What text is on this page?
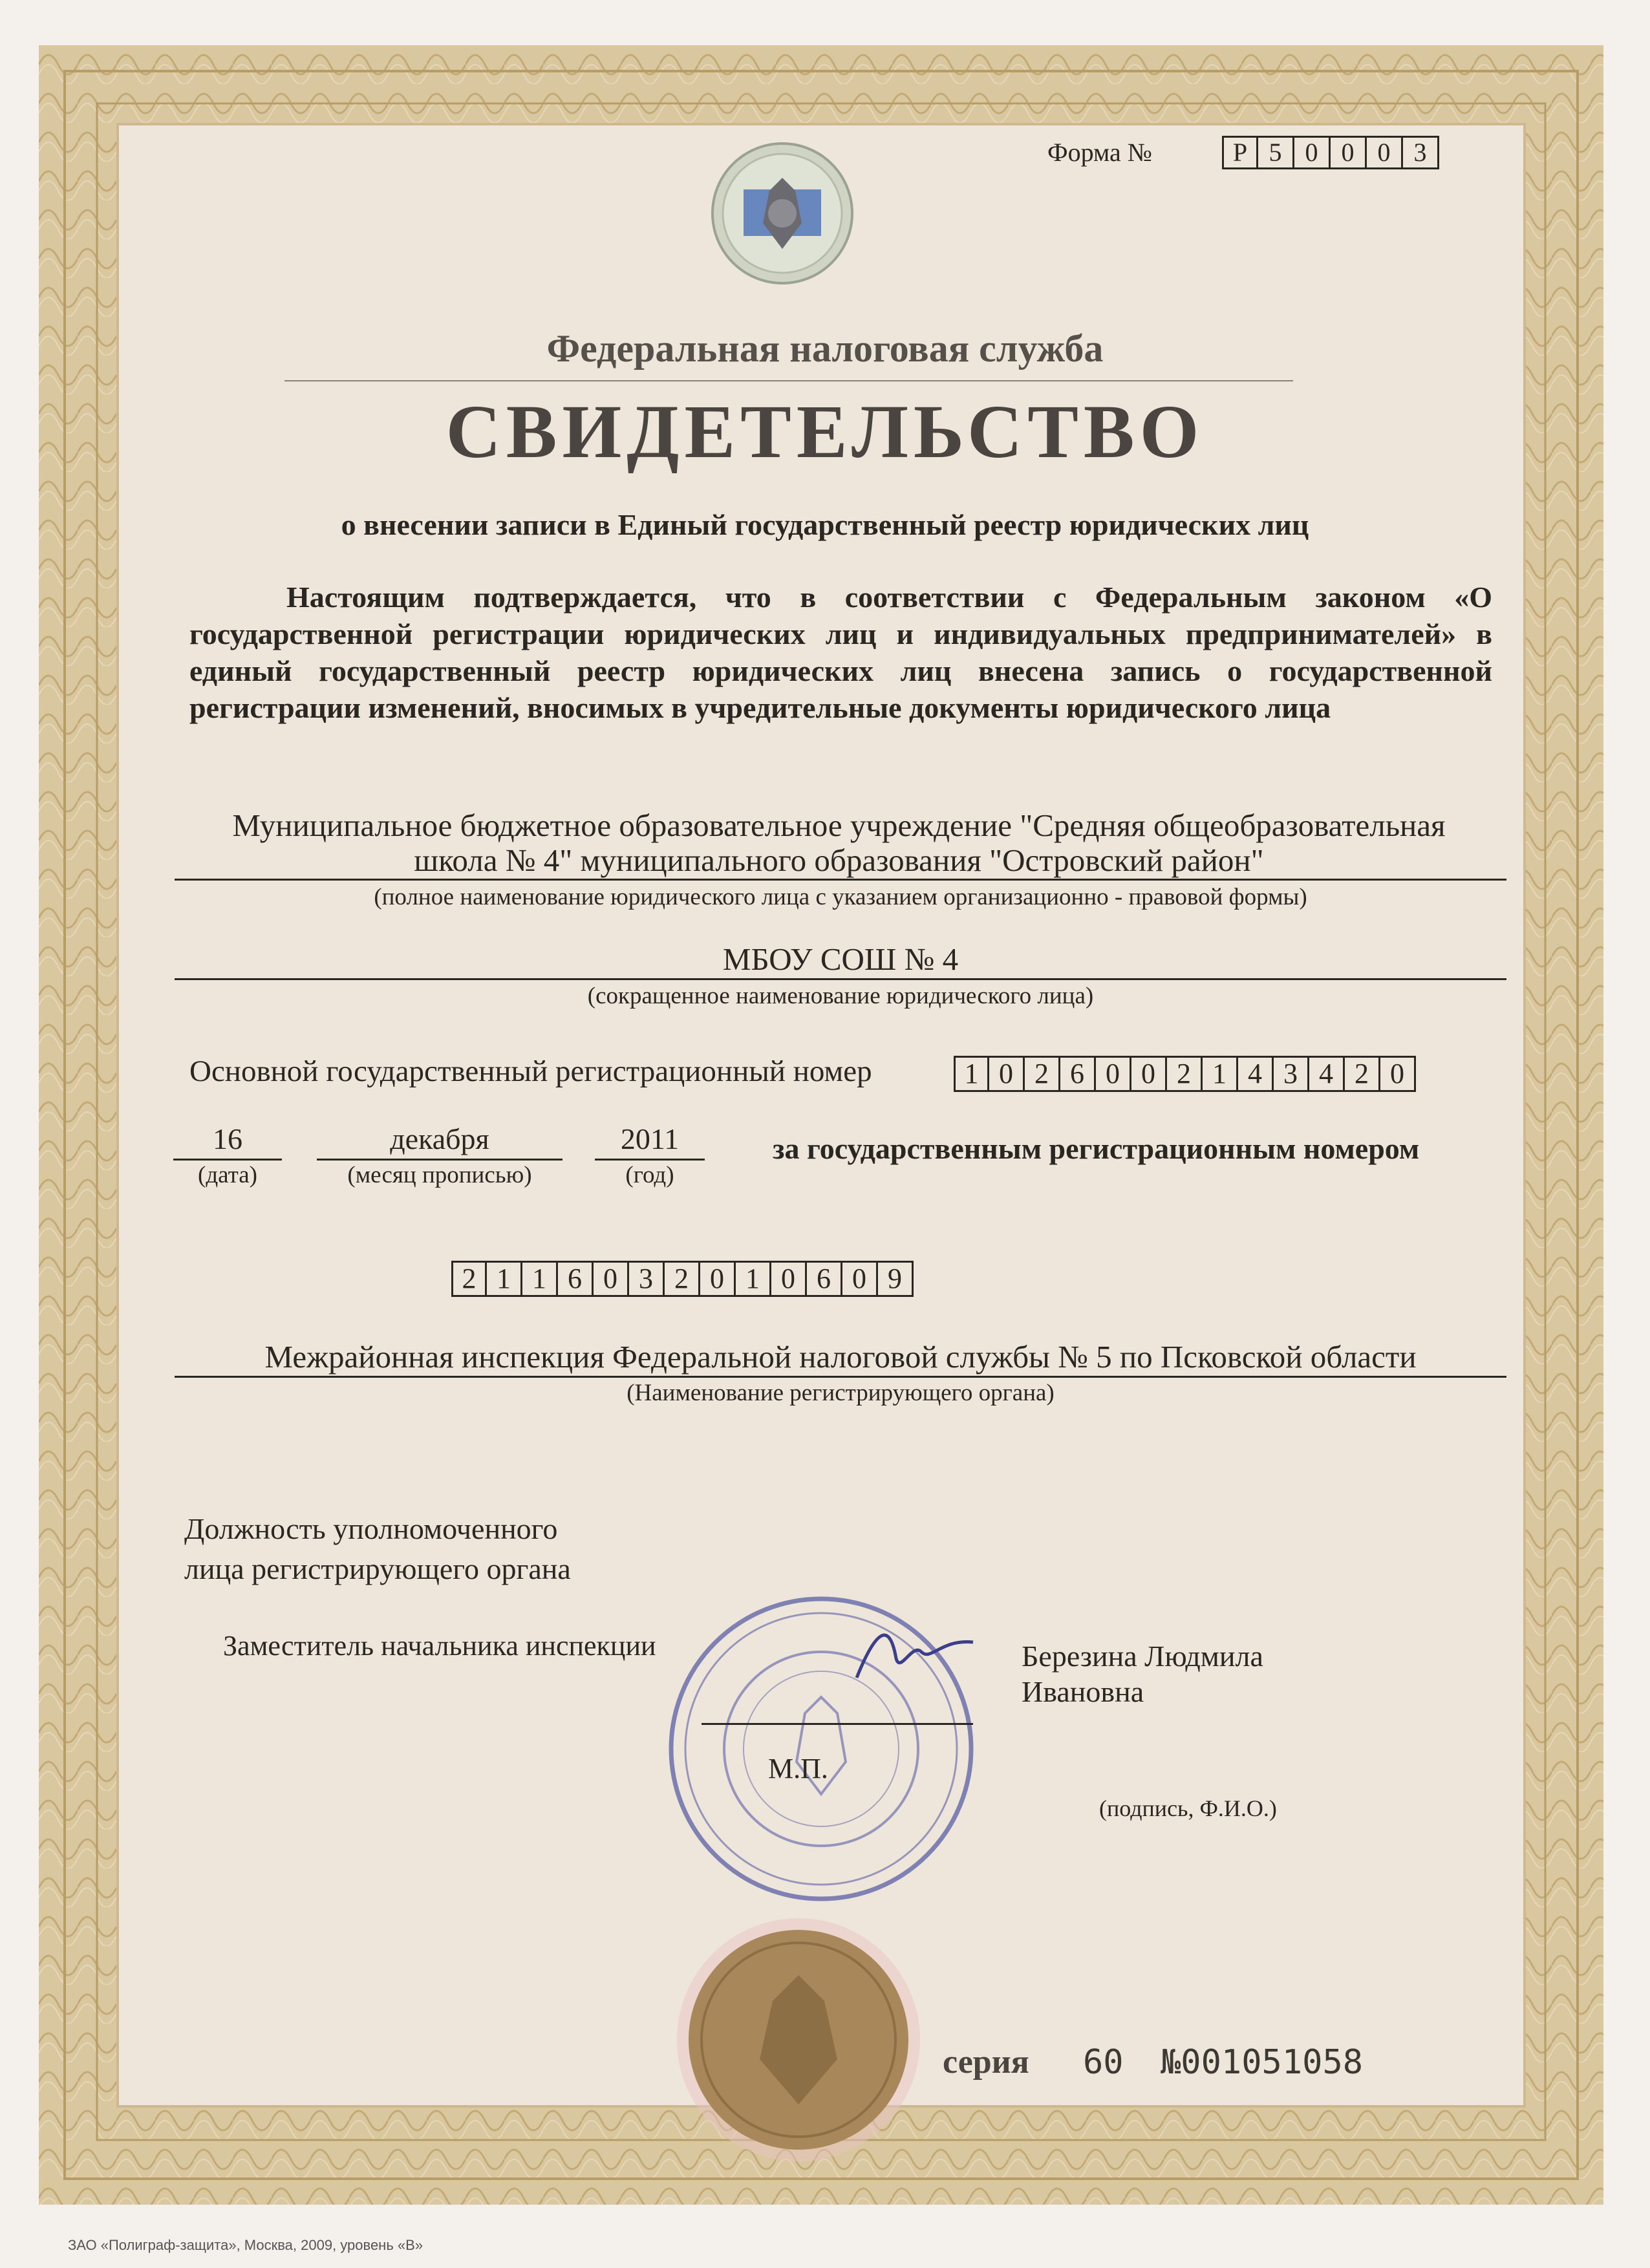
Форма №	Р 5 0 0 0 3
Федеральная налоговая служба
СВИДЕТЕЛЬСТВО
о внесении записи в Единый государственный реестр юридических лиц
Настоящим подтверждается, что в соответствии с Федеральным законом «О государственной регистрации юридических лиц и индивидуальных предпринимателей» в единый государственный реестр юридических лиц внесена запись о государственной регистрации изменений, вносимых в учредительные документы юридического лица
Муниципальное бюджетное образовательное учреждение "Средняя общеобразовательная
школа № 4" муниципального образования "Островский район"
(полное наименование юридического лица с указанием организационно - правовой формы)
МБОУ СОШ № 4
(сокращенное наименование юридического лица)
Основной государственный регистрационный номер	1 0 2 6 0 0 2 1 4 3 4 2 0
16
(дата)
декабря
(месяц прописью)
2011
(год)
за государственным регистрационным номером
2 1 1 6 0 3 2 0 1 0 6 0 9
Межрайонная инспекция Федеральной налоговой службы № 5 по Псковской области
(Наименование регистрирующего органа)
Должность уполномоченного
лица регистрирующего органа
Заместитель начальника инспекции
М.П.
Березина Людмила
Ивановна
(подпись, Ф.И.О.)
серия 60 №001051058
ЗАО «Полиграф-защита», Москва, 2009, уровень «В»
